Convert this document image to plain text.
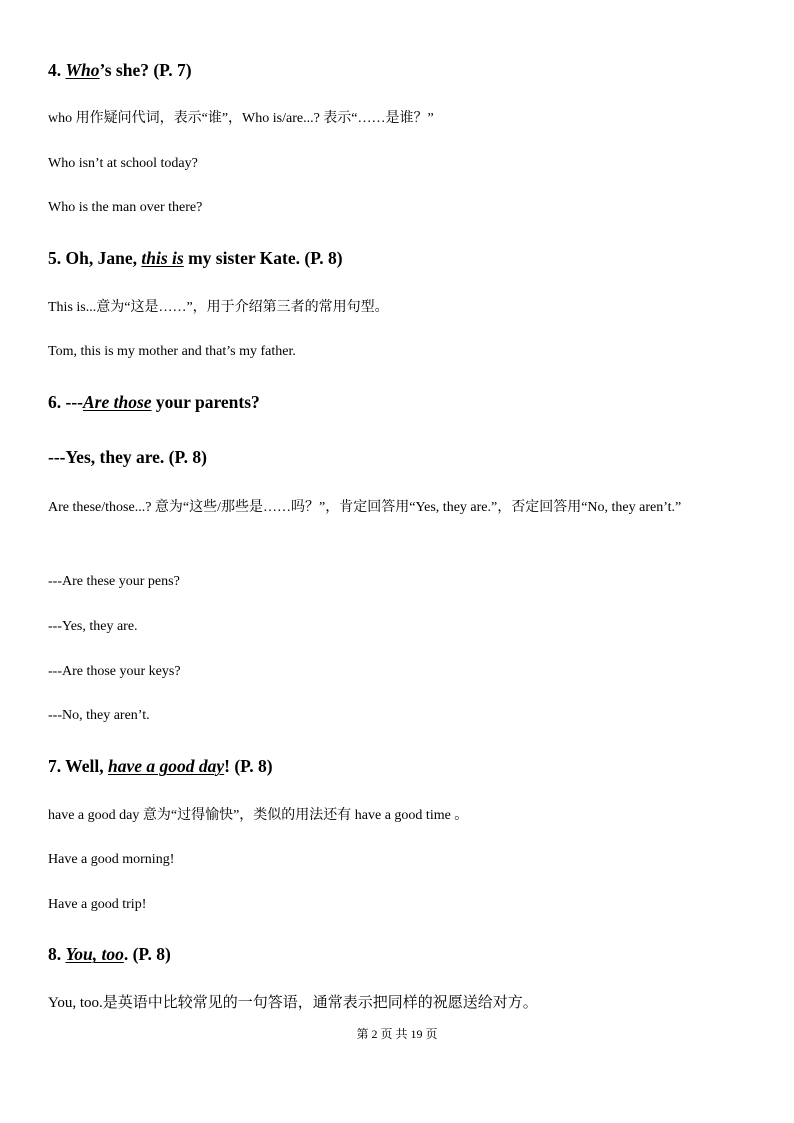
4. Who’s she? (P. 7)
who 用作疑问代词，表示“谁”，Who is/are...? 表示“……是谁？”
Who isn’t at school today?
Who is the man over there?
5. Oh, Jane, this is my sister Kate. (P. 8)
This is...意为“这是……”，用于介绍第三者的常用句型。
Tom, this is my mother and that’s my father.
6. ---Are those your parents?
---Yes, they are. (P. 8)
Are these/those...? 意为“这些/那些是……吗？”，肯定回答用“Yes, they are.”，否定回答用“No, they aren’t.”
---Are these your pens?
---Yes, they are.
---Are those your keys?
---No, they aren’t.
7. Well, have a good day! (P. 8)
have a good day 意为“过得愉快”，类似的用法还有 have a good time 。
Have a good morning!
Have a good trip!
8. You, too. (P. 8)
You, too.是英语中比较常见的一句答语，通常表示把同样的祝愿送给对方。
第 2 页 共 19 页
